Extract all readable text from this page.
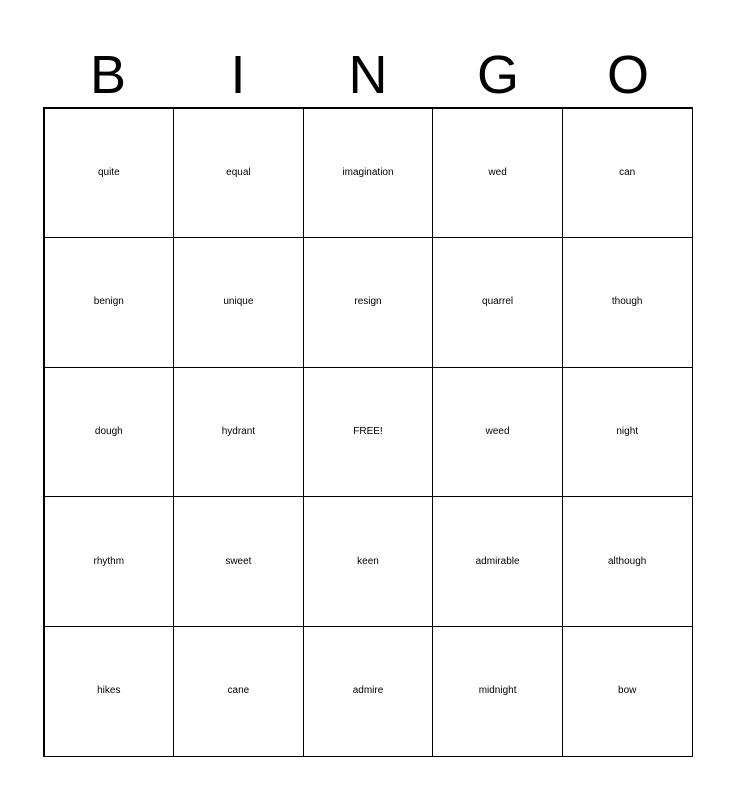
B	I	N	G	O
quite	equal	imagination	wed	can
benign	unique	resign	quarrel	though
dough	hydrant	FREE!	weed	night
rhythm	sweet	keen	admirable	although
hikes	cane	admire	midnight	bow
